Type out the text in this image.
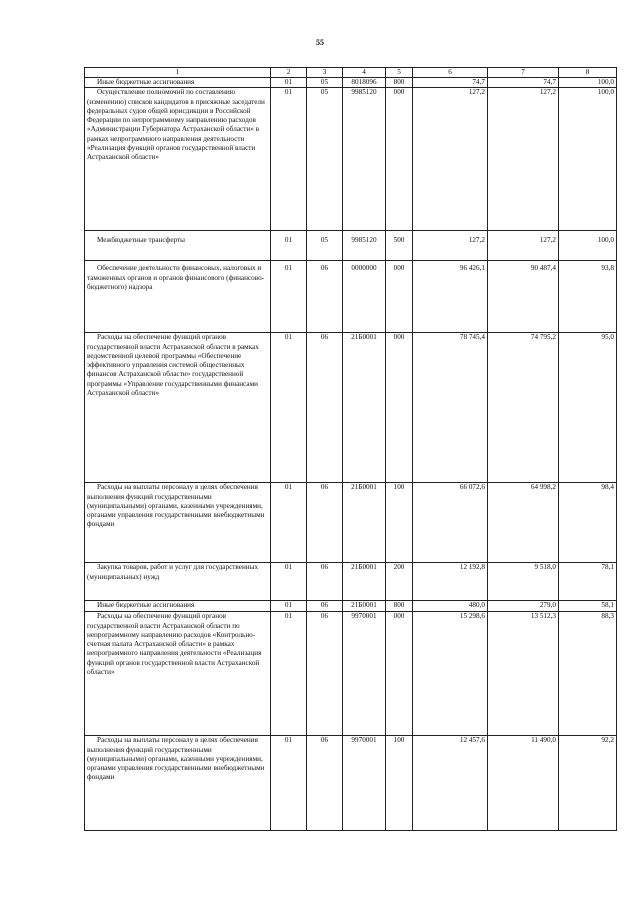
55
1	2	3	4	5	6	7	8
Иные бюджетные ассигнования	01	05	8018096	800	74,7	74,7	100,0
Осуществление полномочий по составлению (изменению) списков кандидатов в присяжные заседатели федеральных судов общей юрисдикции в Российской Федерации по непрограммному направлению расходов «Администрации Губернатора Астраханской области» в рамках непрограммного направления деятельности «Реализация функций органов государственной власти Астраханской области»	01	05	9985120	000	127,2	127,2	100,0
Межбюджетные трансферты	01	05	9985120	500	127,2	127,2	100,0
Обеспечение деятельности финансовых, налоговых и таможенных органов и органов финансового (финансово-бюджетного) надзора	01	06	0000000	000	96 426,1	90 487,4	93,8
Расходы на обеспечение функций органов государственной власти Астраханской области в рамках ведомственной целевой программы «Обеспечение эффективного управления системой общественных финансов Астраханской области» государственной программы «Управление государственными финансами Астраханской области»	01	06	21Б0001	000	78 745,4	74 795,2	95,0
Расходы на выплаты персоналу в целях обеспечения выполнения функций государственными (муниципальными) органами, казенными учреждениями, органами управления государственными внебюджетными фондами	01	06	21Б0001	100	66 072,6	64 998,2	98,4
Закупка товаров, работ и услуг для государственных (муниципальных) нужд	01	06	21Б0001	200	12 192,8	9 518,0	78,1
Иные бюджетные ассигнования	01	06	21Б0001	800	480,0	279,0	58,1
Расходы на обеспечение функций органов государственной власти Астраханской области по непрограммному направлению расходов «Контрольно-счетная палата Астраханской области» в рамках непрограммного направления деятельности «Реализация функций органов государственной власти Астраханской области»	01	06	9970001	000	15 298,6	13 512,3	88,3
Расходы на выплаты персоналу в целях обеспечения выполнения функций государственными (муниципальными) органами, казенными учреждениями, органами управления государственными внебюджетными фондами	01	06	9970001	100	12 457,6	11 490,0	92,2
